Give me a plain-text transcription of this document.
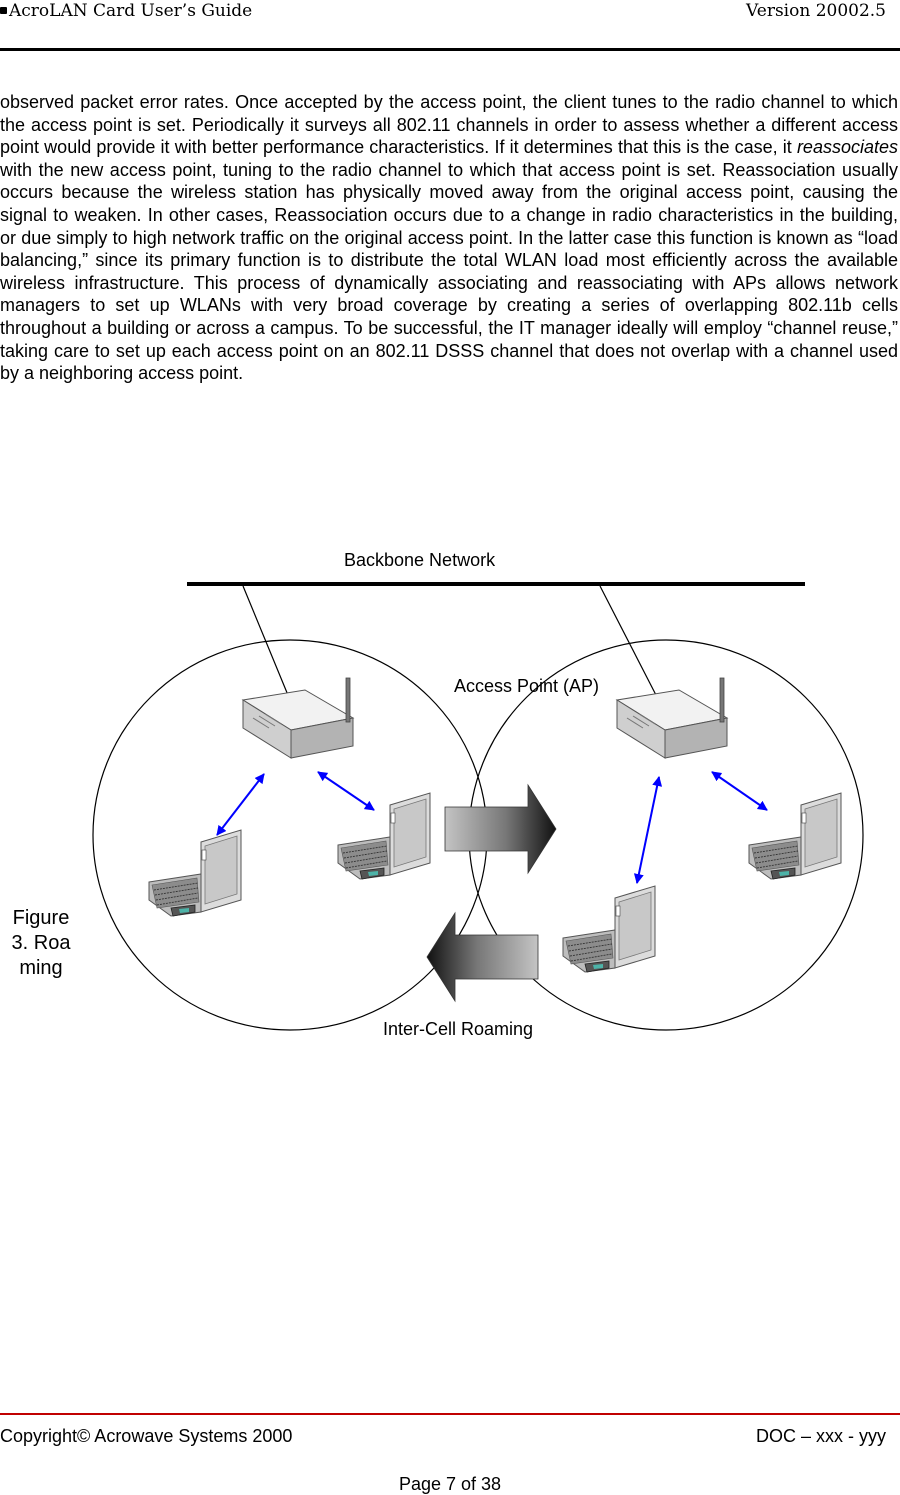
AcroLAN Card User’s Guide	Version 20002.5
observed packet error rates. Once accepted by the access point, the client tunes to the radio channel to which the access point is set. Periodically it surveys all 802.11 channels in order to assess whether a different access point would provide it with better performance characteristics. If it determines that this is the case, it reassociates with the new access point, tuning to the radio channel to which that access point is set. Reassociation usually occurs because the wireless station has physically moved away from the original access point, causing the signal to weaken. In other cases, Reassociation occurs due to a change in radio characteristics in the building, or due simply to high network traffic on the original access point. In the latter case this function is known as “load balancing,” since its primary function is to distribute the total WLAN load most efficiently across the available wireless infrastructure. This process of dynamically associating and reassociating with APs allows network managers to set up WLANs with very broad coverage by creating a series of overlapping 802.11b cells throughout a building or across a campus. To be successful, the IT manager ideally will employ “channel reuse,” taking care to set up each access point on an 802.11 DSSS channel that does not overlap with a channel used by a neighboring access point.
Backbone Network
Access Point (AP)
Inter-Cell Roaming
Figure 3. Roaming
Copyright© Acrowave Systems 2000	DOC – xxx - yyy
Page 7 of 38
